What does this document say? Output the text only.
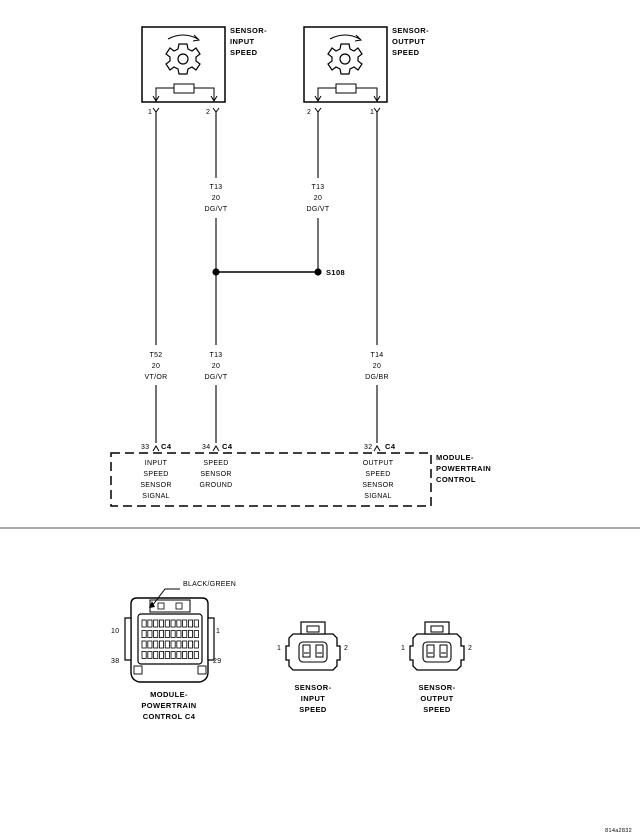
SENSOR-
INPUT
SPEED
1	2
SENSOR-
OUTPUT
SPEED
2	1
S108
T13
20
DG/VT
T13
20
DG/VT
T52
20
VT/OR
T13
20
DG/VT
T14
20
DG/BR
33 C4	34 C4	32 C4
INPUT
SPEED
SENSOR
SIGNAL
SPEED
SENSOR
GROUND
OUTPUT
SPEED
SENSOR
SIGNAL
MODULE-
POWERTRAIN
CONTROL
BLACK/GREEN
10	1
38	29
MODULE-
POWERTRAIN
CONTROL C4
1	2
SENSOR-
INPUT
SPEED
1	2
SENSOR-
OUTPUT
SPEED
814a2832
